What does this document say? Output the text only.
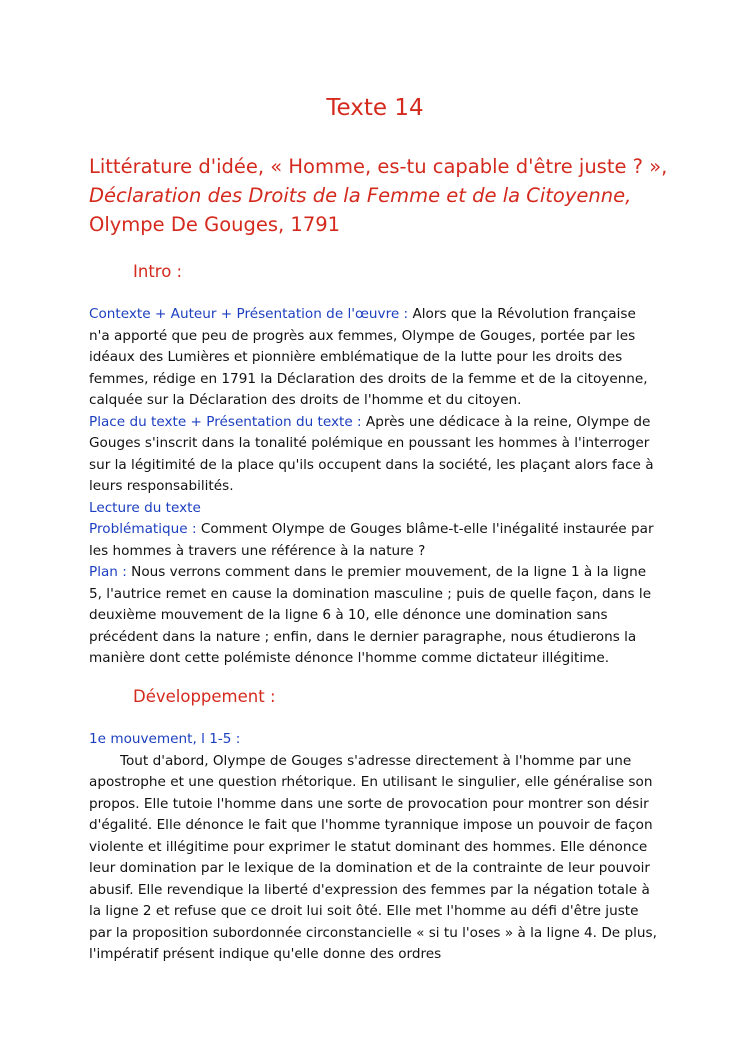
Texte 14
Littérature d'idée, « Homme, es-tu capable d'être juste ? »,
Déclaration des Droits de la Femme et de la Citoyenne,
Olympe De Gouges, 1791
Intro :
Contexte + Auteur + Présentation de l'œuvre : Alors que la Révolution française n'a apporté que peu de progrès aux femmes, Olympe de Gouges, portée par les idéaux des Lumières et pionnière emblématique de la lutte pour les droits des femmes, rédige en 1791 la Déclaration des droits de la femme et de la citoyenne, calquée sur la Déclaration des droits de l'homme et du citoyen.
Place du texte + Présentation du texte : Après une dédicace à la reine, Olympe de Gouges s'inscrit dans la tonalité polémique en poussant les hommes à l'interroger sur la légitimité de la place qu'ils occupent dans la société, les plaçant alors face à leurs responsabilités.
Lecture du texte
Problématique : Comment Olympe de Gouges blâme-t-elle l'inégalité instaurée par les hommes à travers une référence à la nature ?
Plan : Nous verrons comment dans le premier mouvement, de la ligne 1 à la ligne 5, l'autrice remet en cause la domination masculine ; puis de quelle façon, dans le deuxième mouvement de la ligne 6 à 10, elle dénonce une domination sans précédent dans la nature ; enfin, dans le dernier paragraphe, nous étudierons la manière dont cette polémiste dénonce l'homme comme dictateur illégitime.
Développement :
1e mouvement, l 1-5 :
Tout d'abord, Olympe de Gouges s'adresse directement à l'homme par une apostrophe et une question rhétorique. En utilisant le singulier, elle généralise son propos. Elle tutoie l'homme dans une sorte de provocation pour montrer son désir d'égalité. Elle dénonce le fait que l'homme tyrannique impose un pouvoir de façon violente et illégitime pour exprimer le statut dominant des hommes. Elle dénonce leur domination par le lexique de la domination et de la contrainte de leur pouvoir abusif. Elle revendique la liberté d'expression des femmes par la négation totale à la ligne 2 et refuse que ce droit lui soit ôté. Elle met l'homme au défi d'être juste par la proposition subordonnée circonstancielle « si tu l'oses » à la ligne 4. De plus, l'impératif présent indique qu'elle donne des ordres
